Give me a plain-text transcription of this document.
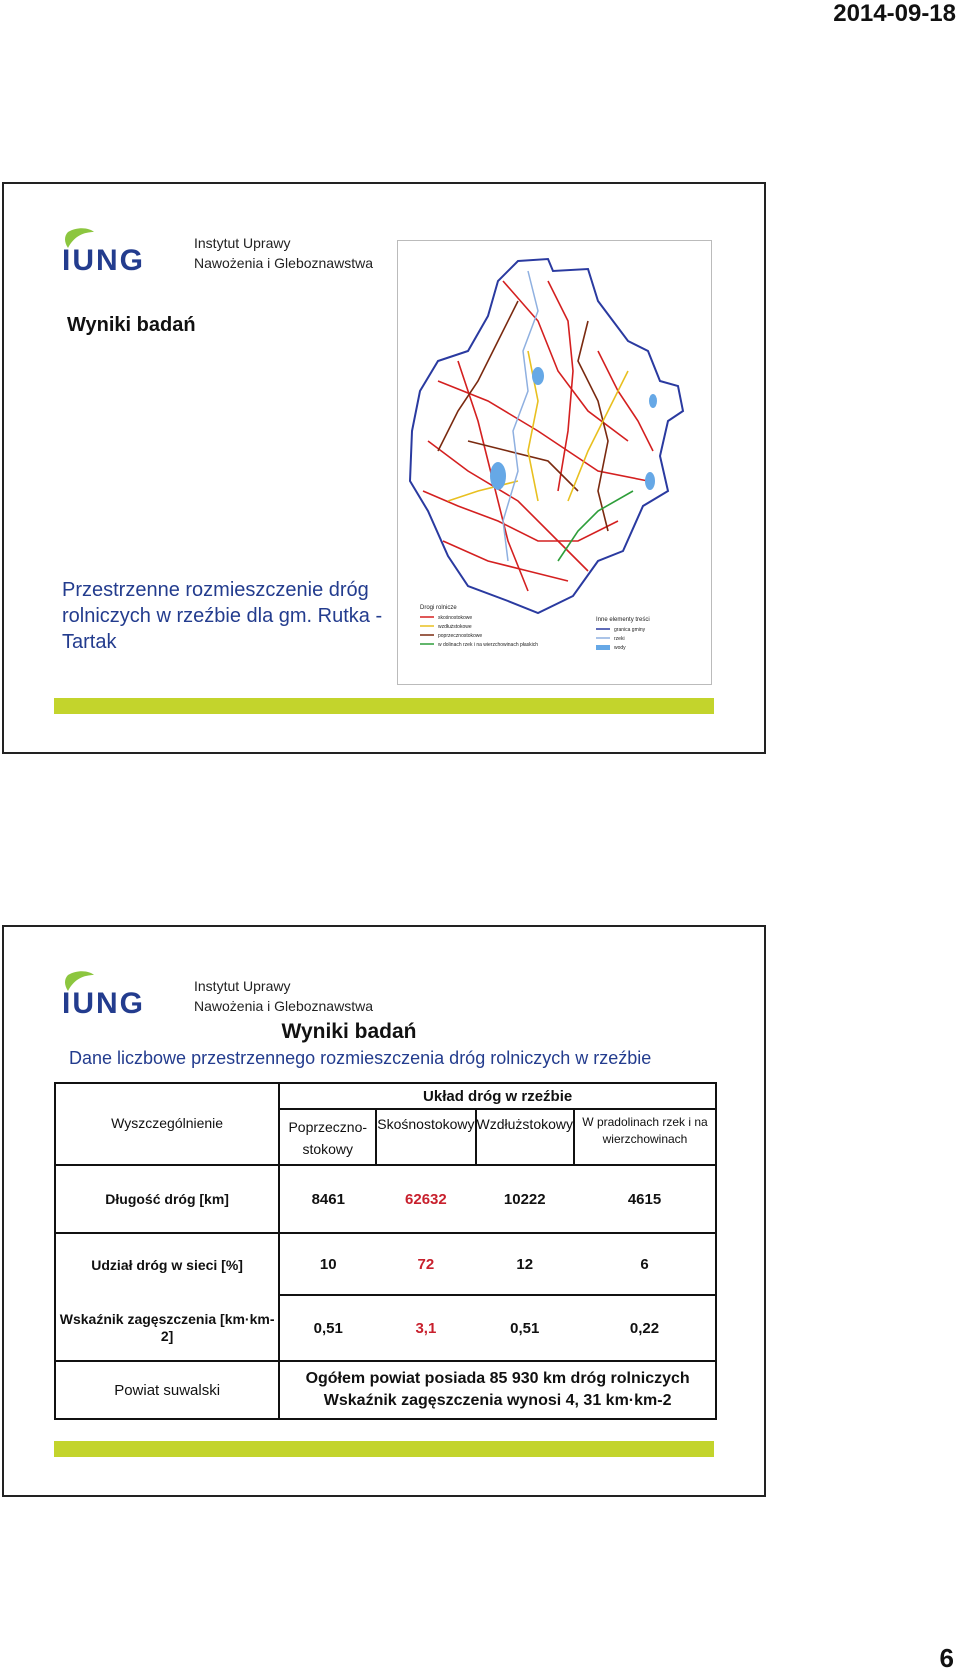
2014-09-18
IUNG
Instytut Uprawy
Nawożenia i Gleboznawstwa
Wyniki badań
Przestrzenne rozmieszczenie dróg rolniczych w rzeźbie dla gm. Rutka - Tartak
Drogi rolnicze
skośnostokowe
wzdłużstokowe
poprzecznostokowe
w dolinach rzek i na wierzchowinach płaskich
Inne elementy treści
granica gminy
rzeki
wody
IUNG
Instytut Uprawy
Nawożenia i Gleboznawstwa
Wyniki badań
Dane liczbowe przestrzennego rozmieszczenia dróg rolniczych w rzeźbie
	Układ dróg w rzeźbie			
Wyszczególnienie	Poprzeczno-stokowy	Skośnostokowy	Wzdłużstokowy	W pradolinach rzek i na wierzchowinach
Długość dróg [km]	8461	62632	10222	4615
Udział dróg w sieci [%]	10	72	12	6
Wskaźnik zagęszczenia [km·km-2]	0,51	3,1	0,51	0,22
Powiat suwalski	Ogółem powiat posiada 85 930 km dróg rolniczych
Wskaźnik zagęszczenia wynosi 4, 31 km·km-2			
6
